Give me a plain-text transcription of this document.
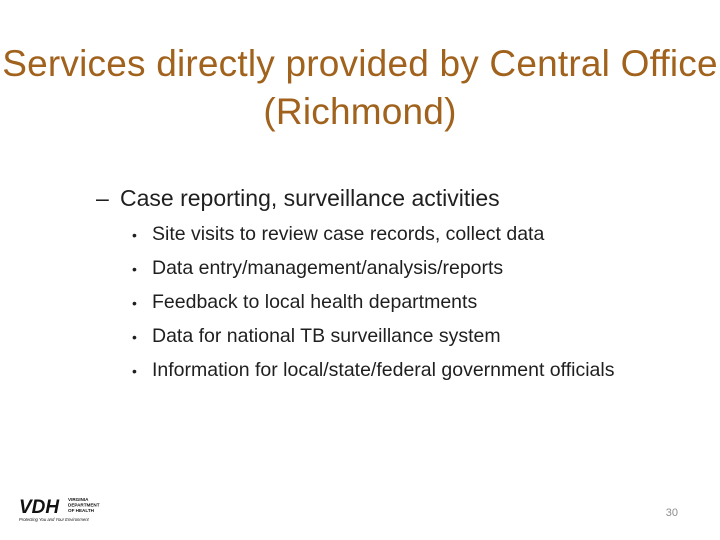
Services directly provided by Central Office
(Richmond)
– Case reporting, surveillance activities
• Site visits to review case records, collect data
• Data entry/management/analysis/reports
• Feedback to local health departments
• Data for national TB surveillance system
• Information for local/state/federal government officials
VDH VIRGINIA
DEPARTMENT
OF HEALTH
Protecting You and Your Environment
30
